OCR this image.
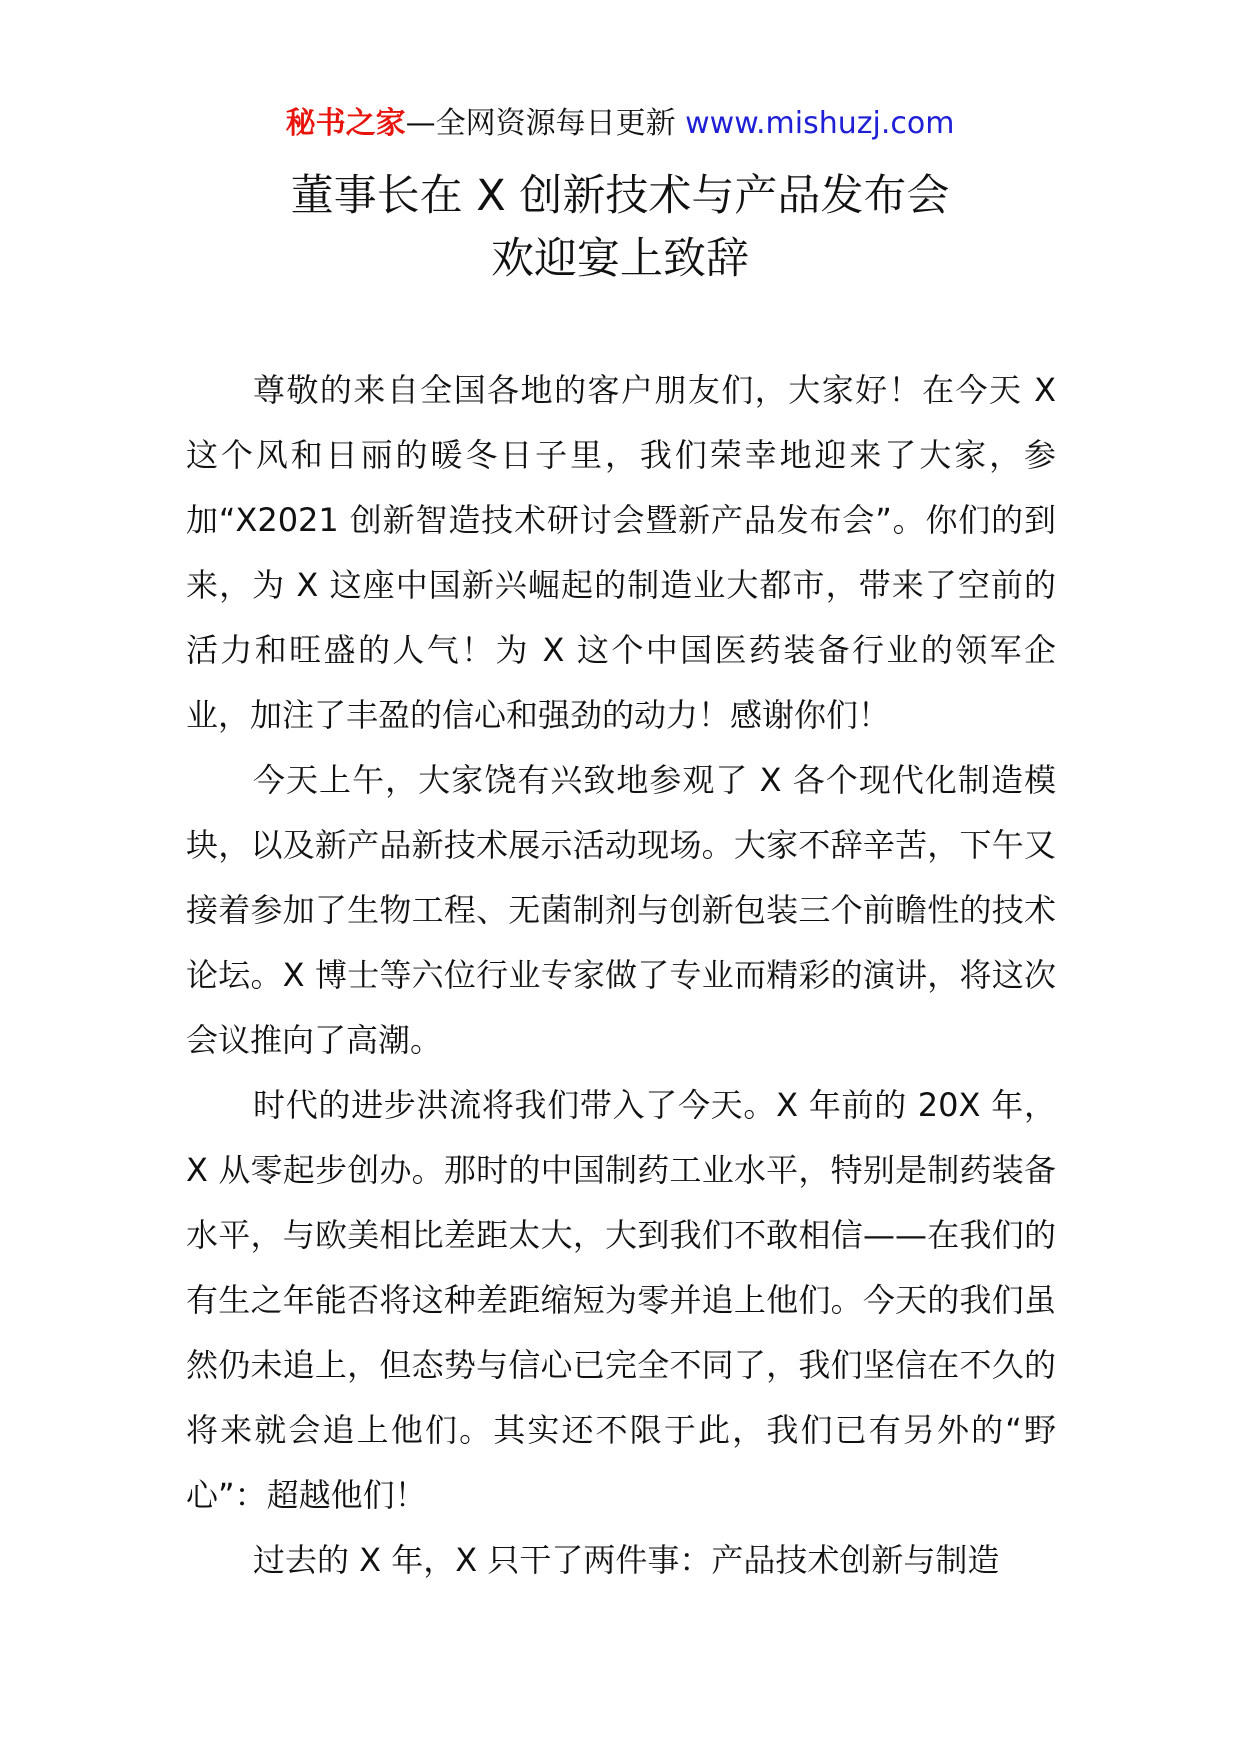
秘书之家—全网资源每日更新 www.mishuzj.com
董事长在 X 创新技术与产品发布会
欢迎宴上致辞

尊敬的来自全国各地的客户朋友们，大家好！在今天 X 这个风和日丽的暖冬日子里，我们荣幸地迎来了大家，参加“X2021 创新智造技术研讨会暨新产品发布会”。你们的到来，为 X 这座中国新兴崛起的制造业大都市，带来了空前的活力和旺盛的人气！为 X 这个中国医药装备行业的领军企业，加注了丰盈的信心和强劲的动力！感谢你们！

今天上午，大家饶有兴致地参观了 X 各个现代化制造模块，以及新产品新技术展示活动现场。大家不辞辛苦，下午又接着参加了生物工程、无菌制剂与创新包装三个前瞻性的技术论坛。X 博士等六位行业专家做了专业而精彩的演讲，将这次会议推向了高潮。

时代的进步洪流将我们带入了今天。X 年前的 20X 年，X 从零起步创办。那时的中国制药工业水平，特别是制药装备水平，与欧美相比差距太大，大到我们不敢相信——在我们的有生之年能否将这种差距缩短为零并追上他们。今天的我们虽然仍未追上，但态势与信心已完全不同了，我们坚信在不久的将来就会追上他们。其实还不限于此，我们已有另外的“野心”：超越他们！

过去的 X 年，X 只干了两件事：产品技术创新与制造
